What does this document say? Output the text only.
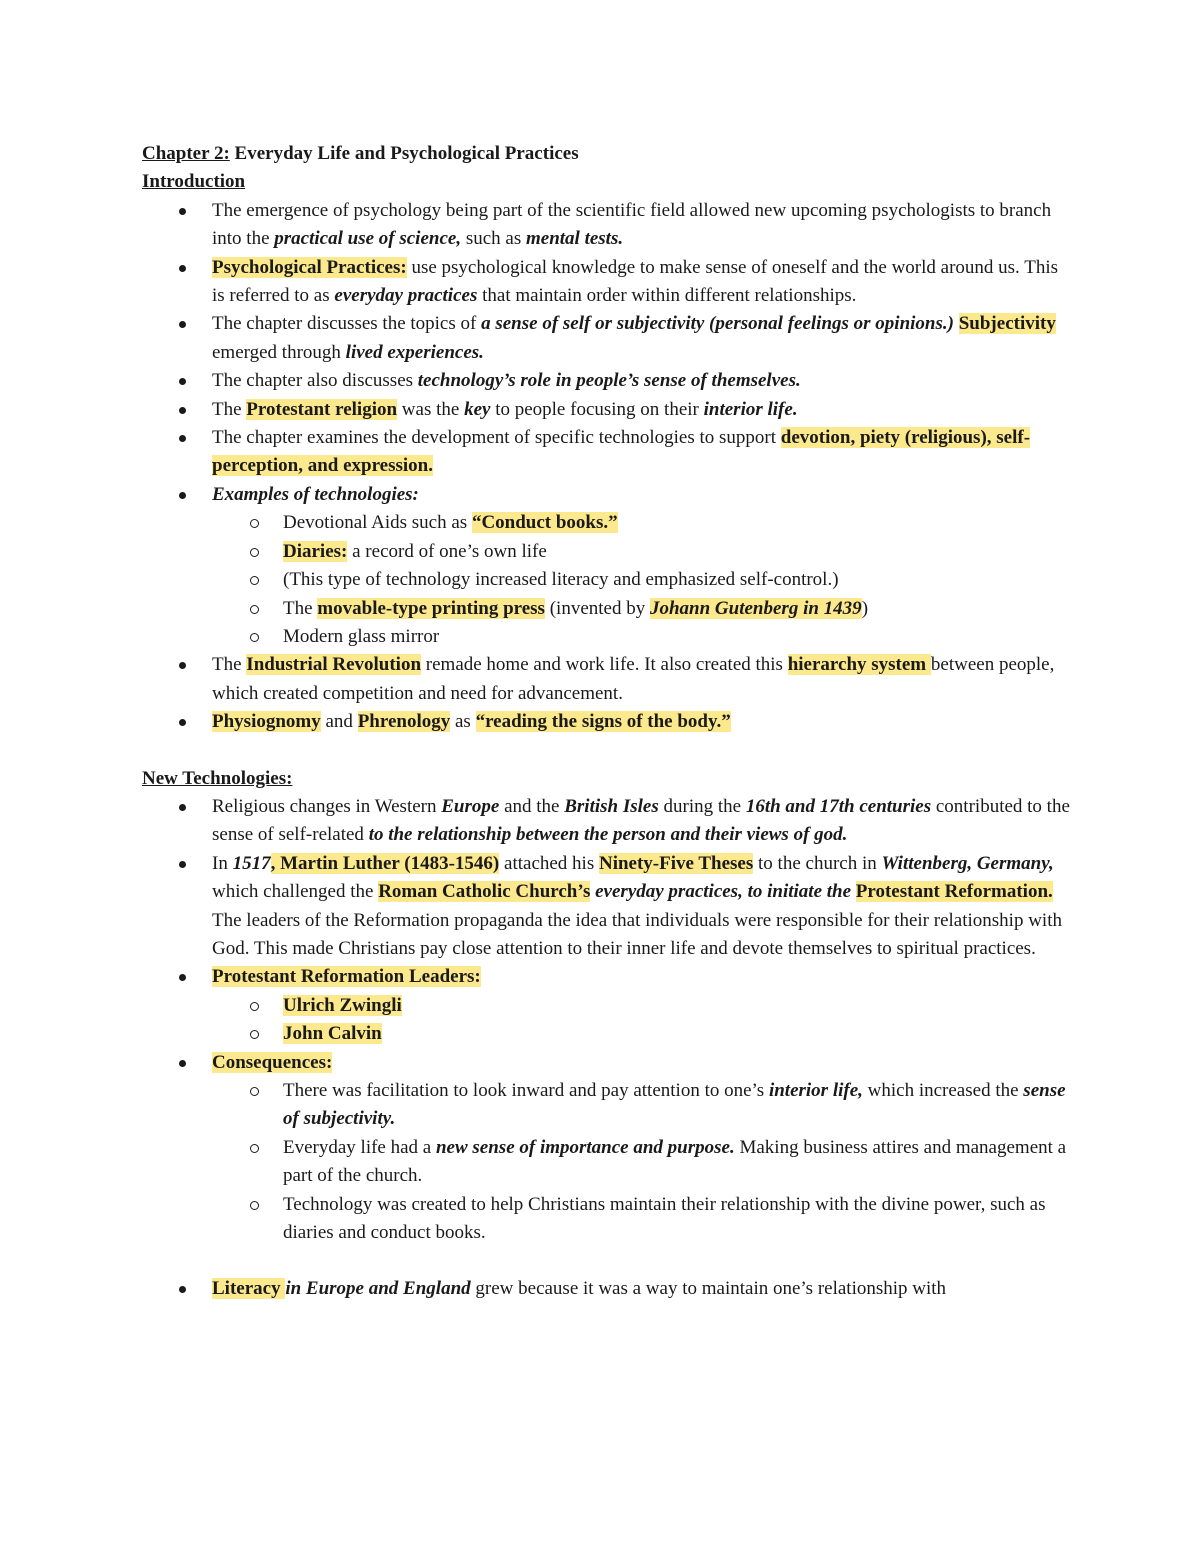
Chapter 2: Everyday Life and Psychological Practices
Introduction
The emergence of psychology being part of the scientific field allowed new upcoming psychologists to branch into the practical use of science, such as mental tests.
Psychological Practices: use psychological knowledge to make sense of oneself and the world around us. This is referred to as everyday practices that maintain order within different relationships.
The chapter discusses the topics of a sense of self or subjectivity (personal feelings or opinions.) Subjectivity emerged through lived experiences.
The chapter also discusses technology’s role in people’s sense of themselves.
The Protestant religion was the key to people focusing on their interior life.
The chapter examines the development of specific technologies to support devotion, piety (religious), self-perception, and expression.
Examples of technologies:
Devotional Aids such as “Conduct books.”
Diaries: a record of one’s own life
(This type of technology increased literacy and emphasized self-control.)
The movable-type printing press (invented by Johann Gutenberg in 1439)
Modern glass mirror
The Industrial Revolution remade home and work life. It also created this hierarchy system between people, which created competition and need for advancement.
Physiognomy and Phrenology as “reading the signs of the body.”
New Technologies:
Religious changes in Western Europe and the British Isles during the 16th and 17th centuries contributed to the sense of self-related to the relationship between the person and their views of god.
In 1517, Martin Luther (1483-1546) attached his Ninety-Five Theses to the church in Wittenberg, Germany, which challenged the Roman Catholic Church’s everyday practices, to initiate the Protestant Reformation. The leaders of the Reformation propaganda the idea that individuals were responsible for their relationship with God. This made Christians pay close attention to their inner life and devote themselves to spiritual practices.
Protestant Reformation Leaders:
Ulrich Zwingli
John Calvin
Consequences:
There was facilitation to look inward and pay attention to one’s interior life, which increased the sense of subjectivity.
Everyday life had a new sense of importance and purpose. Making business attires and management a part of the church.
Technology was created to help Christians maintain their relationship with the divine power, such as diaries and conduct books.
Literacy in Europe and England grew because it was a way to maintain one’s relationship with
